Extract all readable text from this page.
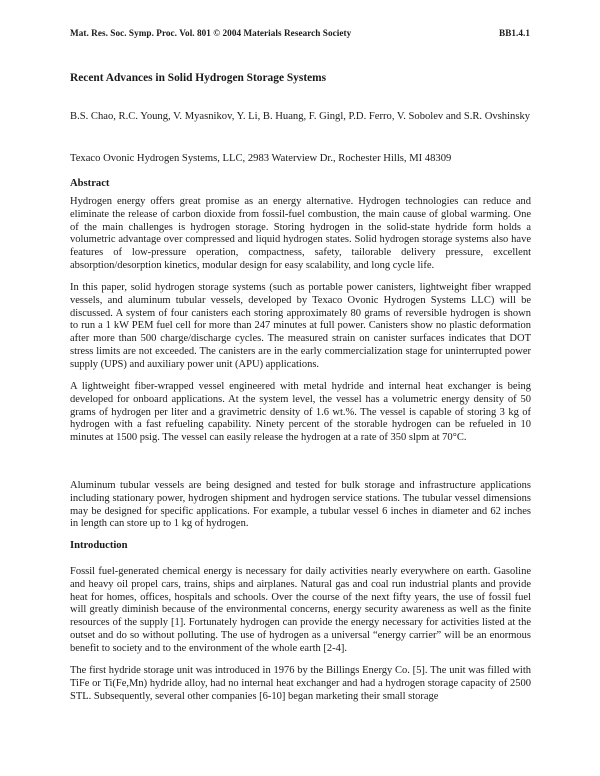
Mat. Res. Soc. Symp. Proc. Vol. 801 © 2004 Materials Research Society	BB1.4.1
Recent Advances in Solid Hydrogen Storage Systems
B.S. Chao, R.C. Young, V. Myasnikov, Y. Li, B. Huang, F. Gingl, P.D. Ferro, V. Sobolev and S.R. Ovshinsky
Texaco Ovonic Hydrogen Systems, LLC, 2983 Waterview Dr., Rochester Hills, MI 48309
Abstract
Hydrogen energy offers great promise as an energy alternative. Hydrogen technologies can reduce and eliminate the release of carbon dioxide from fossil-fuel combustion, the main cause of global warming. One of the main challenges is hydrogen storage. Storing hydrogen in the solid-state hydride form holds a volumetric advantage over compressed and liquid hydrogen states. Solid hydrogen storage systems also have features of low-pressure operation, compactness, safety, tailorable delivery pressure, excellent absorption/desorption kinetics, modular design for easy scalability, and long cycle life.
In this paper, solid hydrogen storage systems (such as portable power canisters, lightweight fiber wrapped vessels, and aluminum tubular vessels, developed by Texaco Ovonic Hydrogen Systems LLC) will be discussed. A system of four canisters each storing approximately 80 grams of reversible hydrogen is shown to run a 1 kW PEM fuel cell for more than 247 minutes at full power. Canisters show no plastic deformation after more than 500 charge/discharge cycles. The measured strain on canister surfaces indicates that DOT stress limits are not exceeded. The canisters are in the early commercialization stage for uninterrupted power supply (UPS) and auxiliary power unit (APU) applications.
A lightweight fiber-wrapped vessel engineered with metal hydride and internal heat exchanger is being developed for onboard applications. At the system level, the vessel has a volumetric energy density of 50 grams of hydrogen per liter and a gravimetric density of 1.6 wt.%. The vessel is capable of storing 3 kg of hydrogen with a fast refueling capability. Ninety percent of the storable hydrogen can be refueled in 10 minutes at 1500 psig. The vessel can easily release the hydrogen at a rate of 350 slpm at 70°C.
Aluminum tubular vessels are being designed and tested for bulk storage and infrastructure applications including stationary power, hydrogen shipment and hydrogen service stations. The tubular vessel dimensions may be designed for specific applications. For example, a tubular vessel 6 inches in diameter and 62 inches in length can store up to 1 kg of hydrogen.
Introduction
Fossil fuel-generated chemical energy is necessary for daily activities nearly everywhere on earth. Gasoline and heavy oil propel cars, trains, ships and airplanes. Natural gas and coal run industrial plants and provide heat for homes, offices, hospitals and schools. Over the course of the next fifty years, the use of fossil fuel will greatly diminish because of the environmental concerns, energy security awareness as well as the finite resources of the supply [1]. Fortunately hydrogen can provide the energy necessary for activities listed at the outset and do so without polluting. The use of hydrogen as a universal “energy carrier” will be an enormous benefit to society and to the environment of the whole earth [2-4].
The first hydride storage unit was introduced in 1976 by the Billings Energy Co. [5]. The unit was filled with TiFe or Ti(Fe,Mn) hydride alloy, had no internal heat exchanger and had a hydrogen storage capacity of 2500 STL. Subsequently, several other companies [6-10] began marketing their small storage
